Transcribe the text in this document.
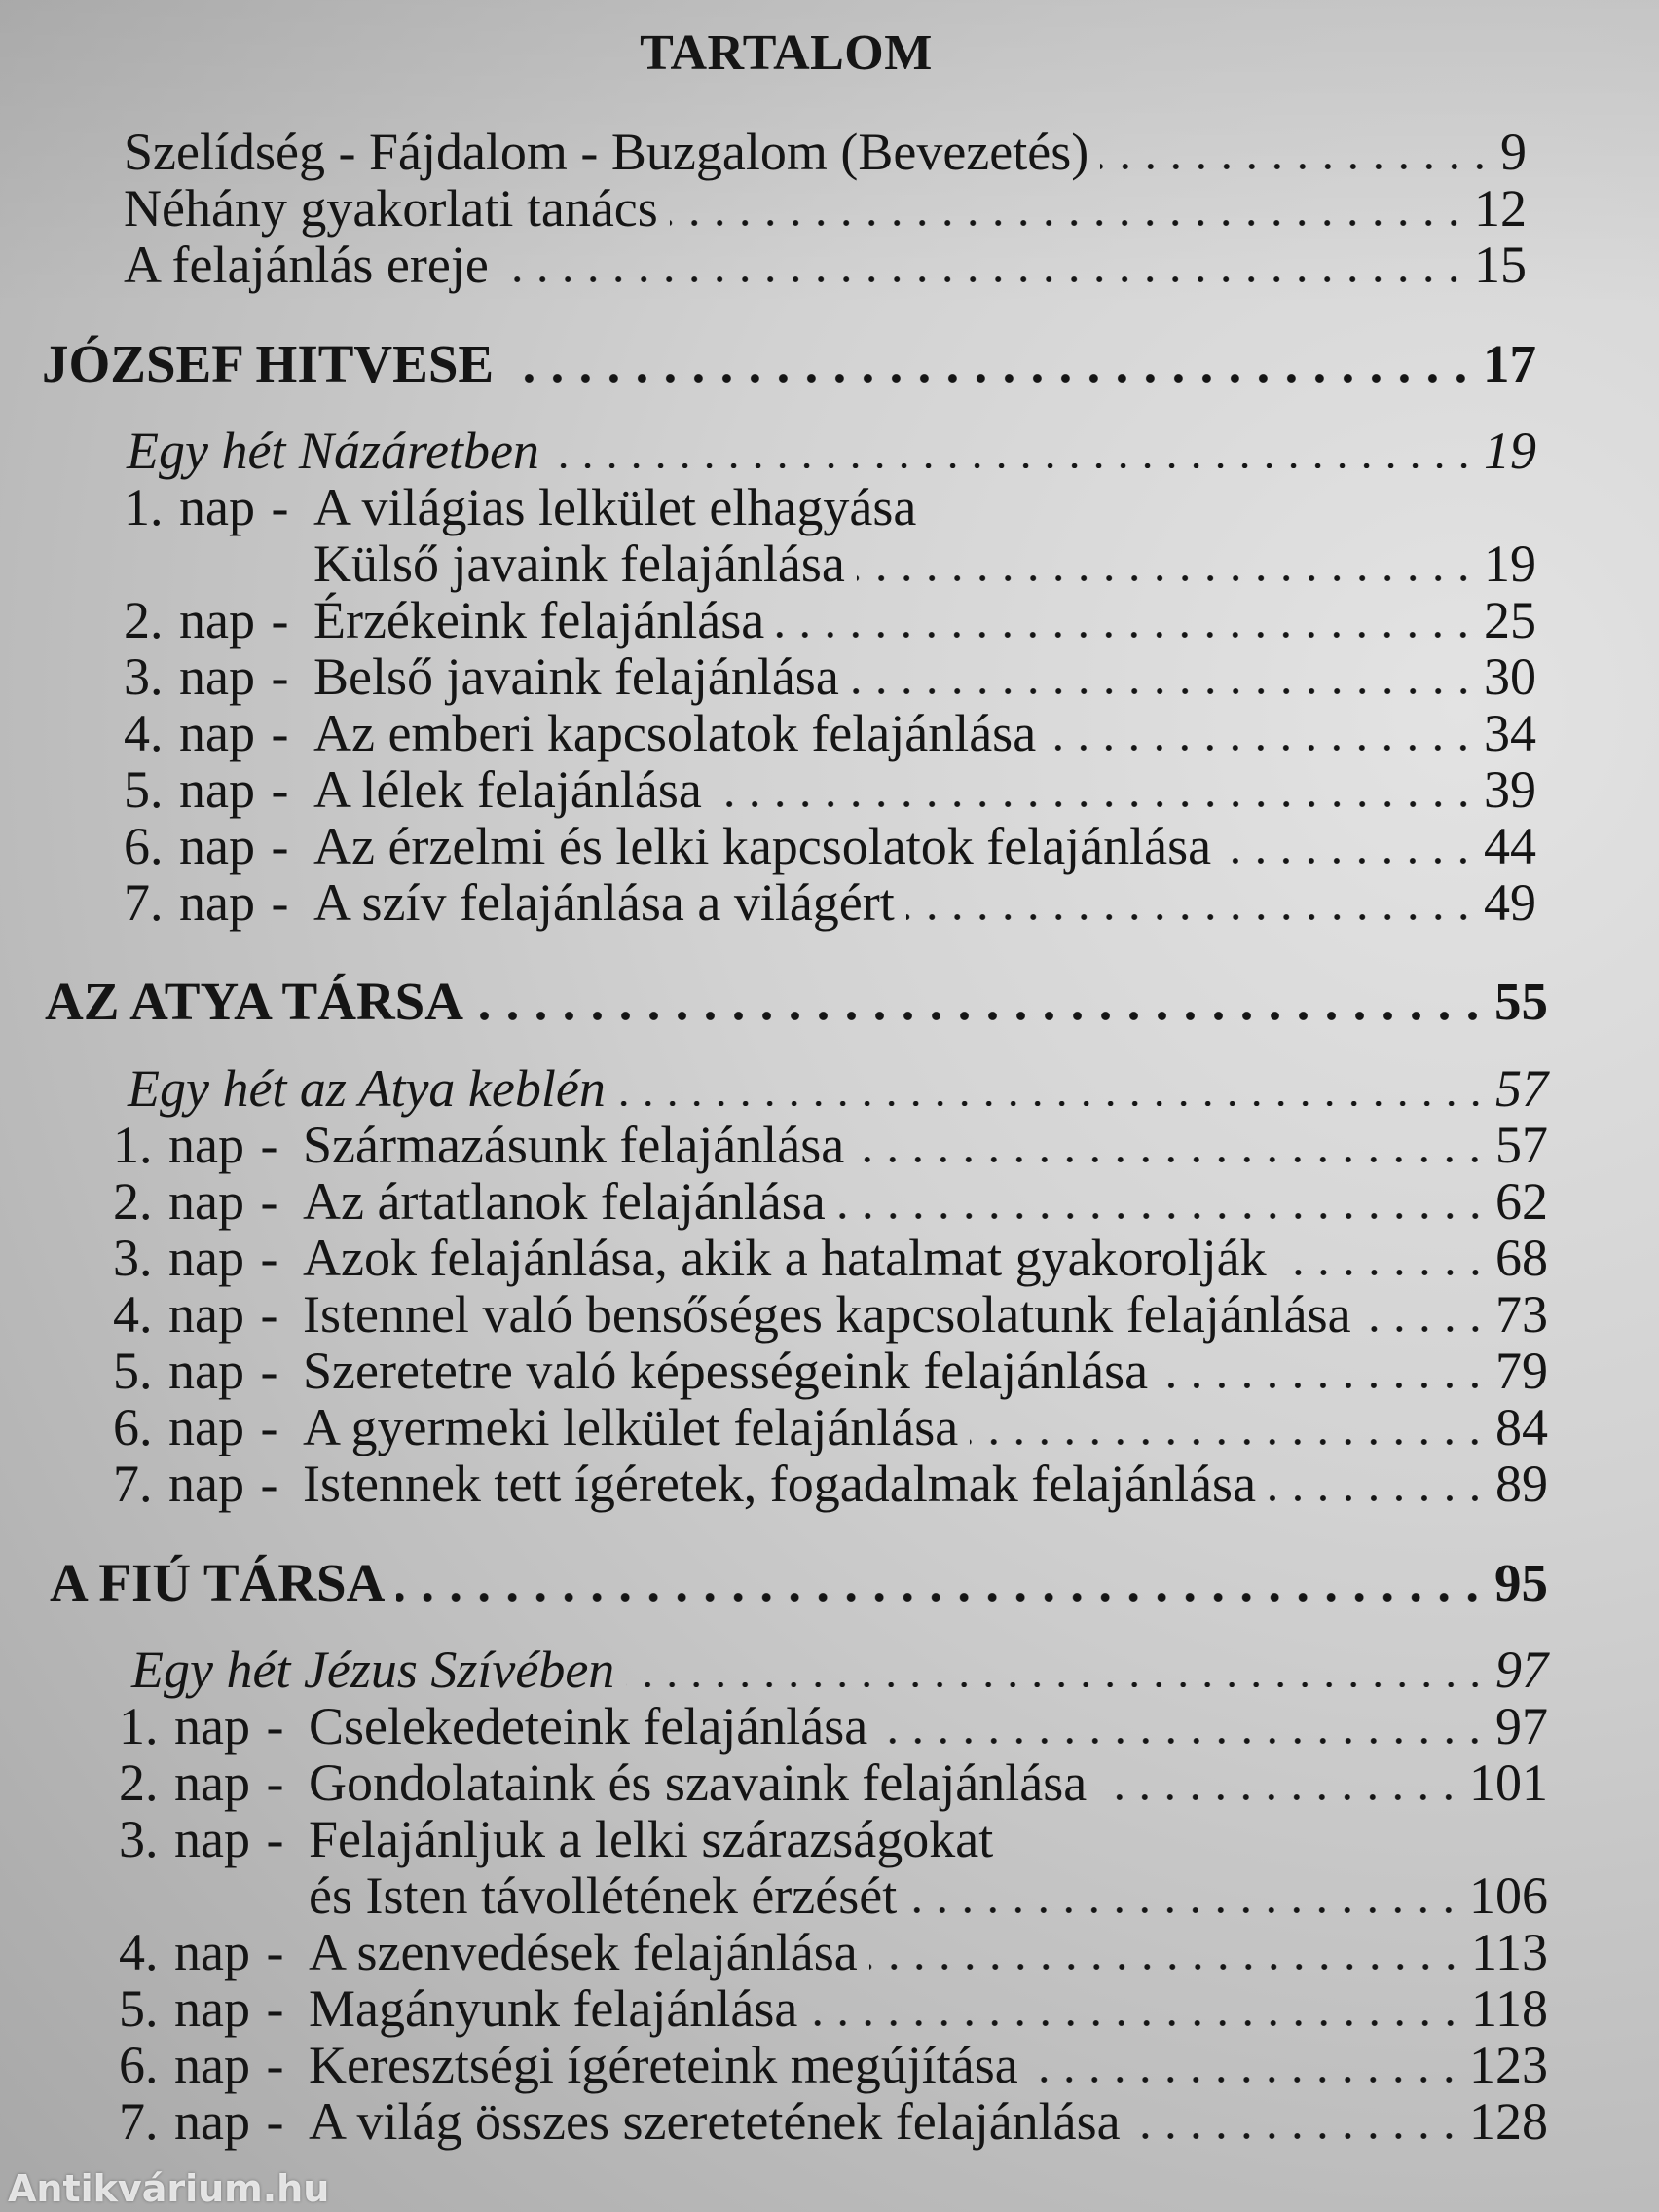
TARTALOM
Szelídség - Fájdalom - Buzgalom (Bevezetés)	9
Néhány gyakorlati tanács	12
A felajánlás ereje	15
JÓZSEF HITVESE	17
Egy hét Názáretben	19
1. nap - A világias lelkület elhagyása
Külső javaink felajánlása	19
2. nap - Érzékeink felajánlása	25
3. nap - Belső javaink felajánlása	30
4. nap - Az emberi kapcsolatok felajánlása	34
5. nap - A lélek felajánlása	39
6. nap - Az érzelmi és lelki kapcsolatok felajánlása	44
7. nap - A szív felajánlása a világért	49
AZ ATYA TÁRSA	55
Egy hét az Atya keblén	57
1. nap - Származásunk felajánlása	57
2. nap - Az ártatlanok felajánlása	62
3. nap - Azok felajánlása, akik a hatalmat gyakorolják	68
4. nap - Istennel való bensőséges kapcsolatunk felajánlása	73
5. nap - Szeretetre való képességeink felajánlása	79
6. nap - A gyermeki lelkület felajánlása	84
7. nap - Istennek tett ígéretek, fogadalmak felajánlása	89
A FIÚ TÁRSA	95
Egy hét Jézus Szívében	97
1. nap - Cselekedeteink felajánlása	97
2. nap - Gondolataink és szavaink felajánlása	101
3. nap - Felajánljuk a lelki szárazságokat
és Isten távollétének érzését	106
4. nap - A szenvedések felajánlása	113
5. nap - Magányunk felajánlása	118
6. nap - Keresztségi ígéreteink megújítása	123
7. nap - A világ összes szeretetének felajánlása	128
Antikvárium.hu
